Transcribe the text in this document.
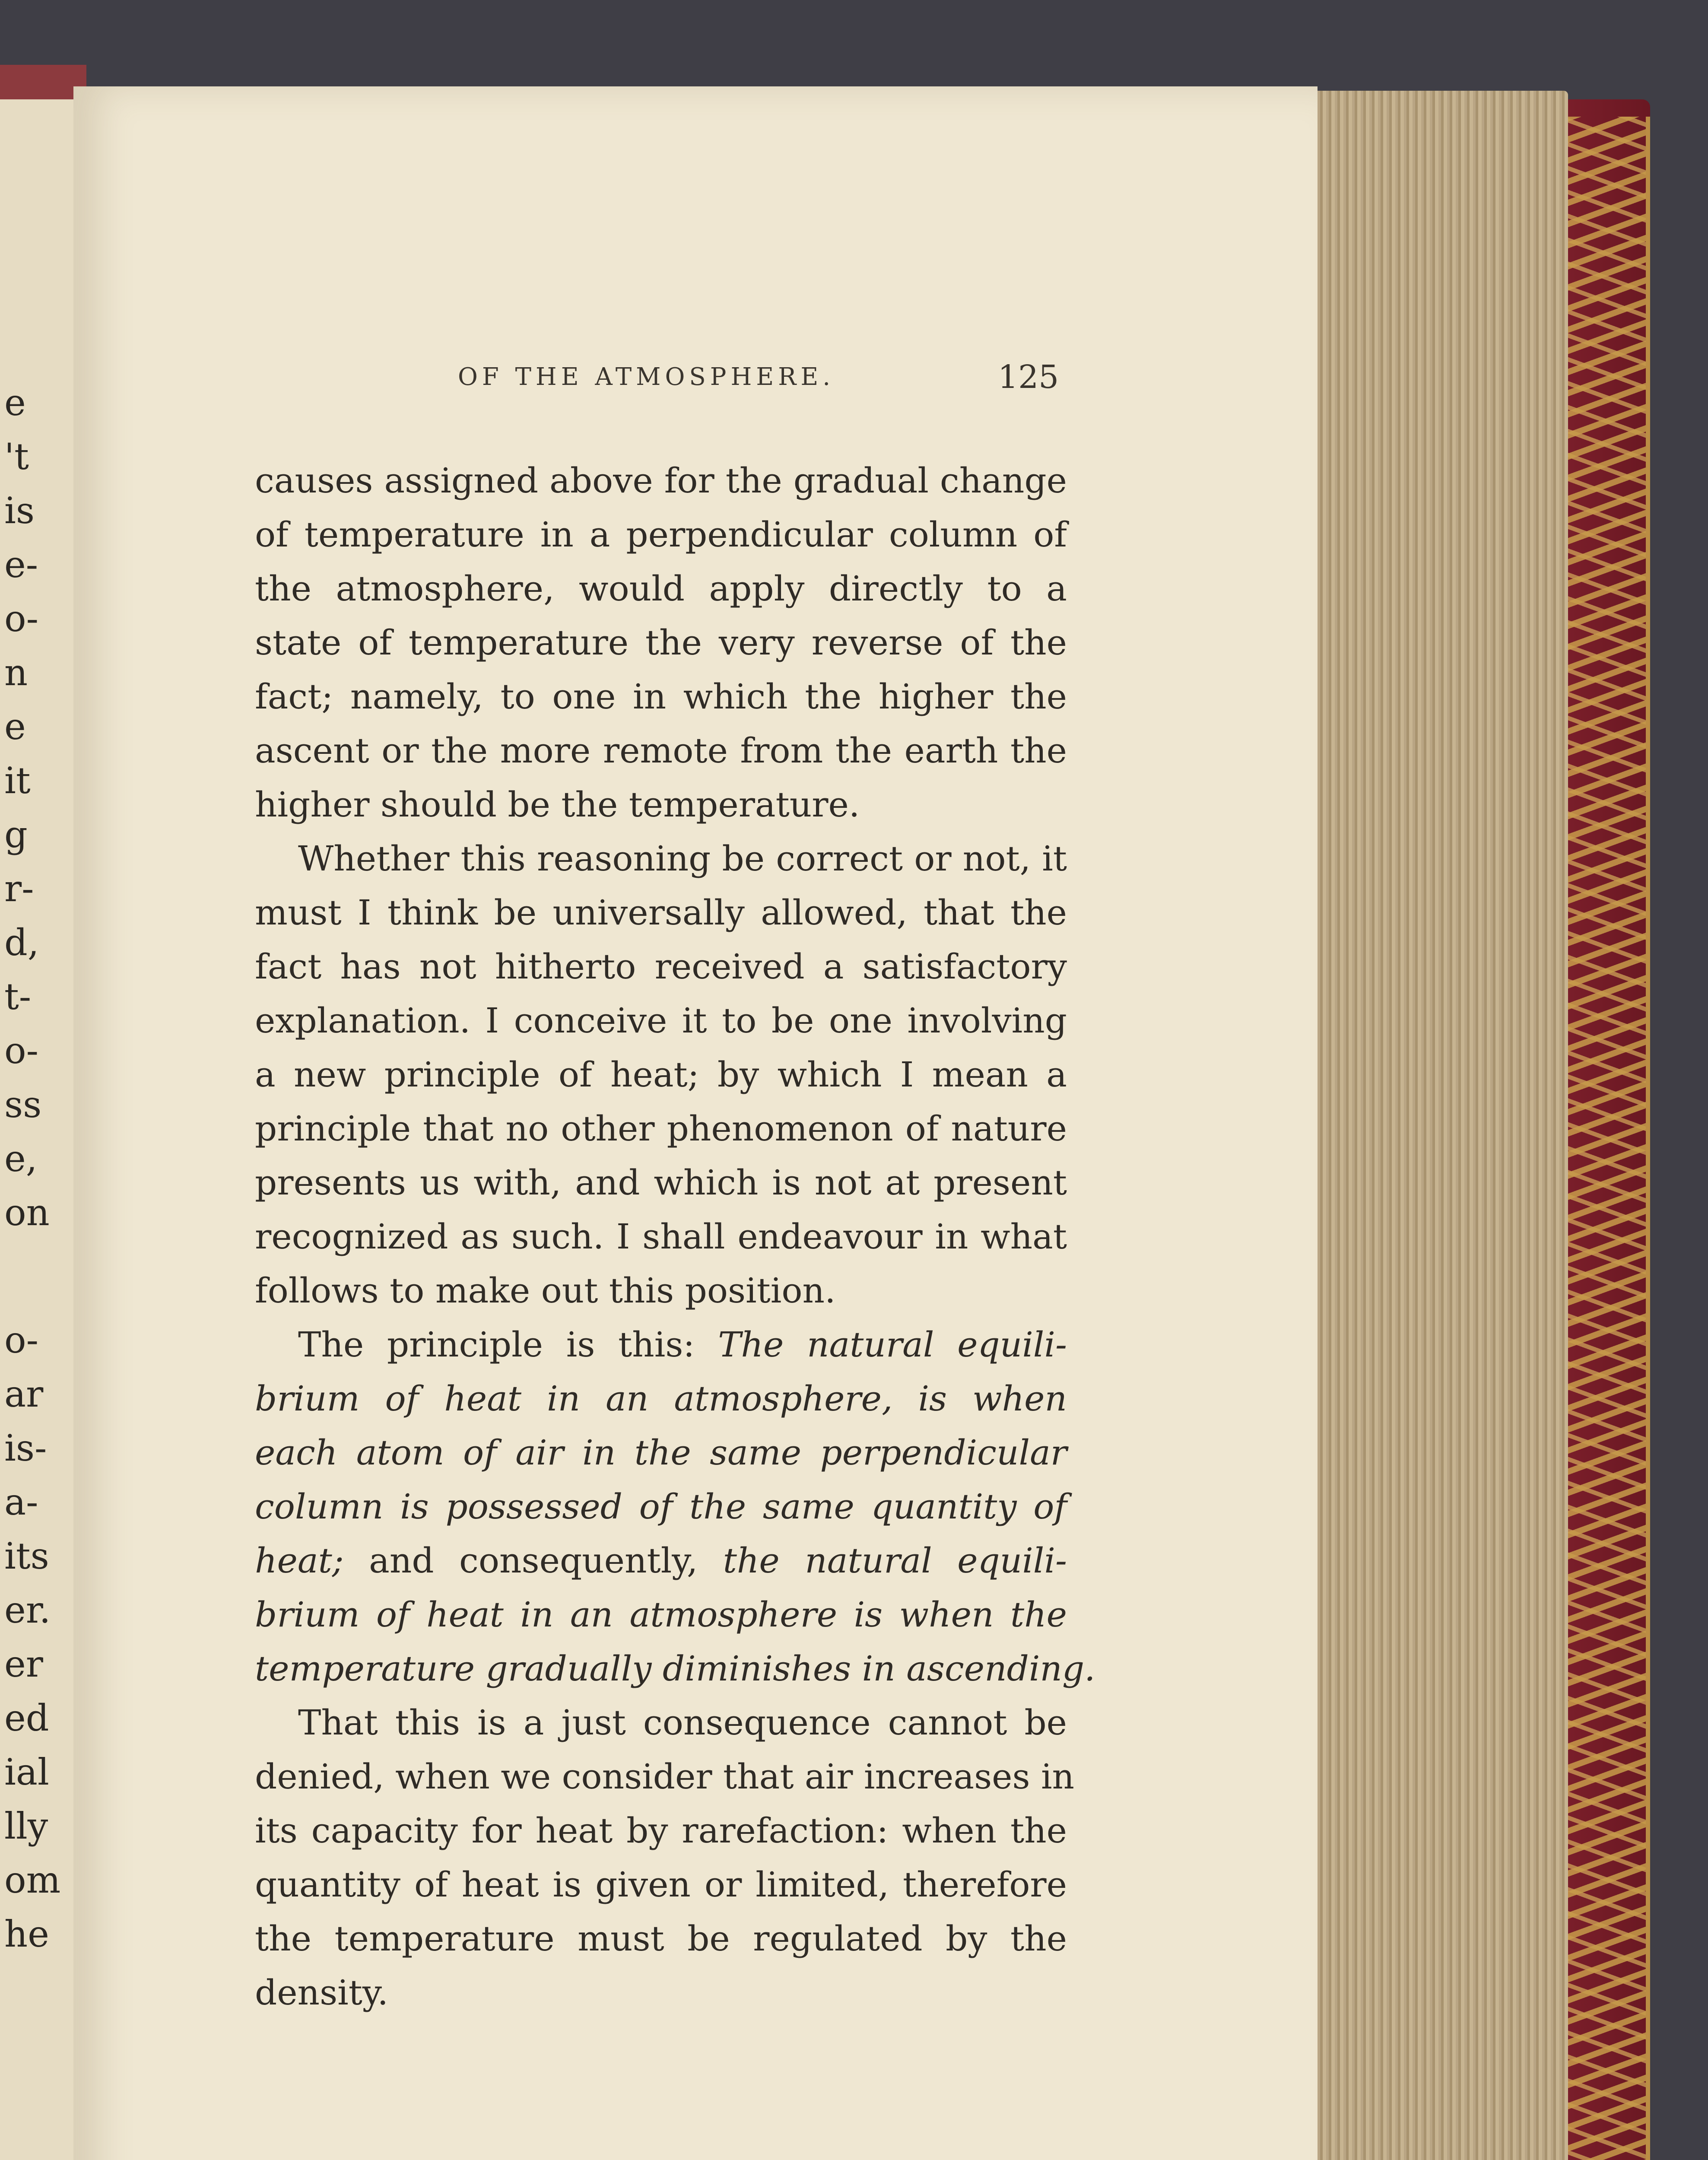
e
't
is
e-
o-
n
e
it
g
r-
d,
t-
o-
ss
e,
on
o-
ar
is-
a-
its
er.
er
ed
ial
lly
om
he
OF THE ATMOSPHERE.	125
causes assigned above for the gradual change
of temperature in a perpendicular column of
the atmosphere, would apply directly to a
state of temperature the very reverse of the
fact; namely, to one in which the higher the
ascent or the more remote from the earth the
higher should be the temperature.
Whether this reasoning be correct or not, it
must I think be universally allowed, that the
fact has not hitherto received a satisfactory
explanation. I conceive it to be one involving
a new principle of heat; by which I mean a
principle that no other phenomenon of nature
presents us with, and which is not at present
recognized as such. I shall endeavour in what
follows to make out this position.
The principle is this: The natural equili-
brium of heat in an atmosphere, is when
each atom of air in the same perpendicular
column is possessed of the same quantity of
heat; and consequently, the natural equili-
brium of heat in an atmosphere is when the
temperature gradually diminishes in ascending.
That this is a just consequence cannot be
denied, when we consider that air increases in
its capacity for heat by rarefaction: when the
quantity of heat is given or limited, therefore
the temperature must be regulated by the
density.
